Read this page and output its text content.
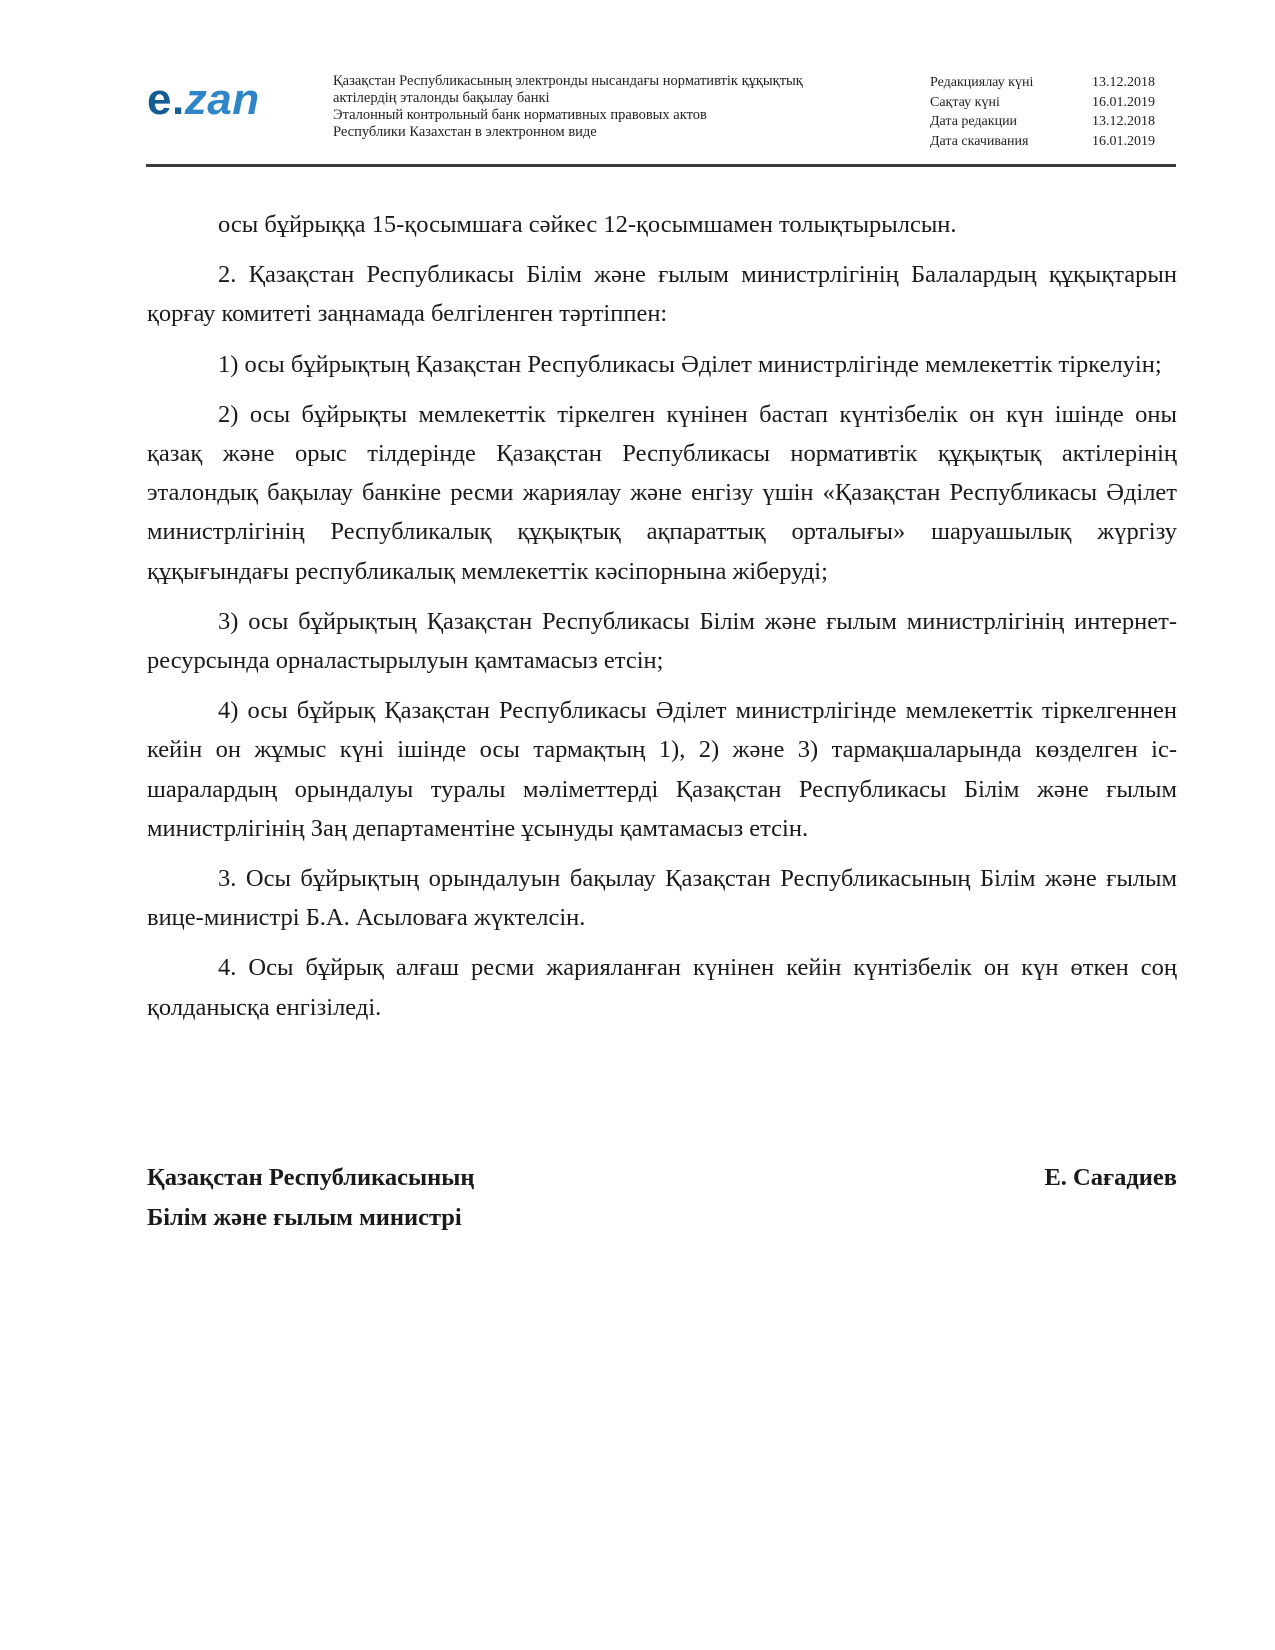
e.zan	Қазақстан Республикасының электронды нысандағы нормативтік құқықтық
актілердің эталонды бақылау банкі
Эталонный контрольный банк нормативных правовых актов
Республики Казахстан в электронном виде
Редакциялау күні	13.12.2018
Сақтау күні	16.01.2019
Дата редакции	13.12.2018
Дата скачивания	16.01.2019

осы бұйрыққа 15-қосымшаға сәйкес 12-қосымшамен толықтырылсын.

2. Қазақстан Республикасы Білім және ғылым министрлігінің Балалардың құқықтарын қорғау комитеті заңнамада белгіленген тәртіппен:

1) осы бұйрықтың Қазақстан Республикасы Әділет министрлігінде мемлекеттік тіркелуін;

2) осы бұйрықты мемлекеттік тіркелген күнінен бастап күнтізбелік он күн ішінде оны қазақ және орыс тілдерінде Қазақстан Республикасы нормативтік құқықтық актілерінің эталондық бақылау банкіне ресми жариялау және енгізу үшін «Қазақстан Республикасы Әділет министрлігінің Республикалық құқықтық ақпараттық орталығы» шаруашылық жүргізу құқығындағы республикалық мемлекеттік кәсіпорнына жіберуді;

3) осы бұйрықтың Қазақстан Республикасы Білім және ғылым министрлігінің интернет-ресурсында орналастырылуын қамтамасыз етсін;

4) осы бұйрық Қазақстан Республикасы Әділет министрлігінде мемлекеттік тіркелгеннен кейін он жұмыс күні ішінде осы тармақтың 1), 2) және 3) тармақшаларында көзделген іс-шаралардың орындалуы туралы мәліметтерді Қазақстан Республикасы Білім және ғылым министрлігінің Заң департаментіне ұсынуды қамтамасыз етсін.

3. Осы бұйрықтың орындалуын бақылау Қазақстан Республикасының Білім және ғылым вице-министрі Б.А. Асыловаға жүктелсін.

4. Осы бұйрық алғаш ресми жарияланған күнінен кейін күнтізбелік он күн өткен соң қолданысқа енгізіледі.

Қазақстан Республикасының
Білім және ғылым министрі
Е. Сағадиев
